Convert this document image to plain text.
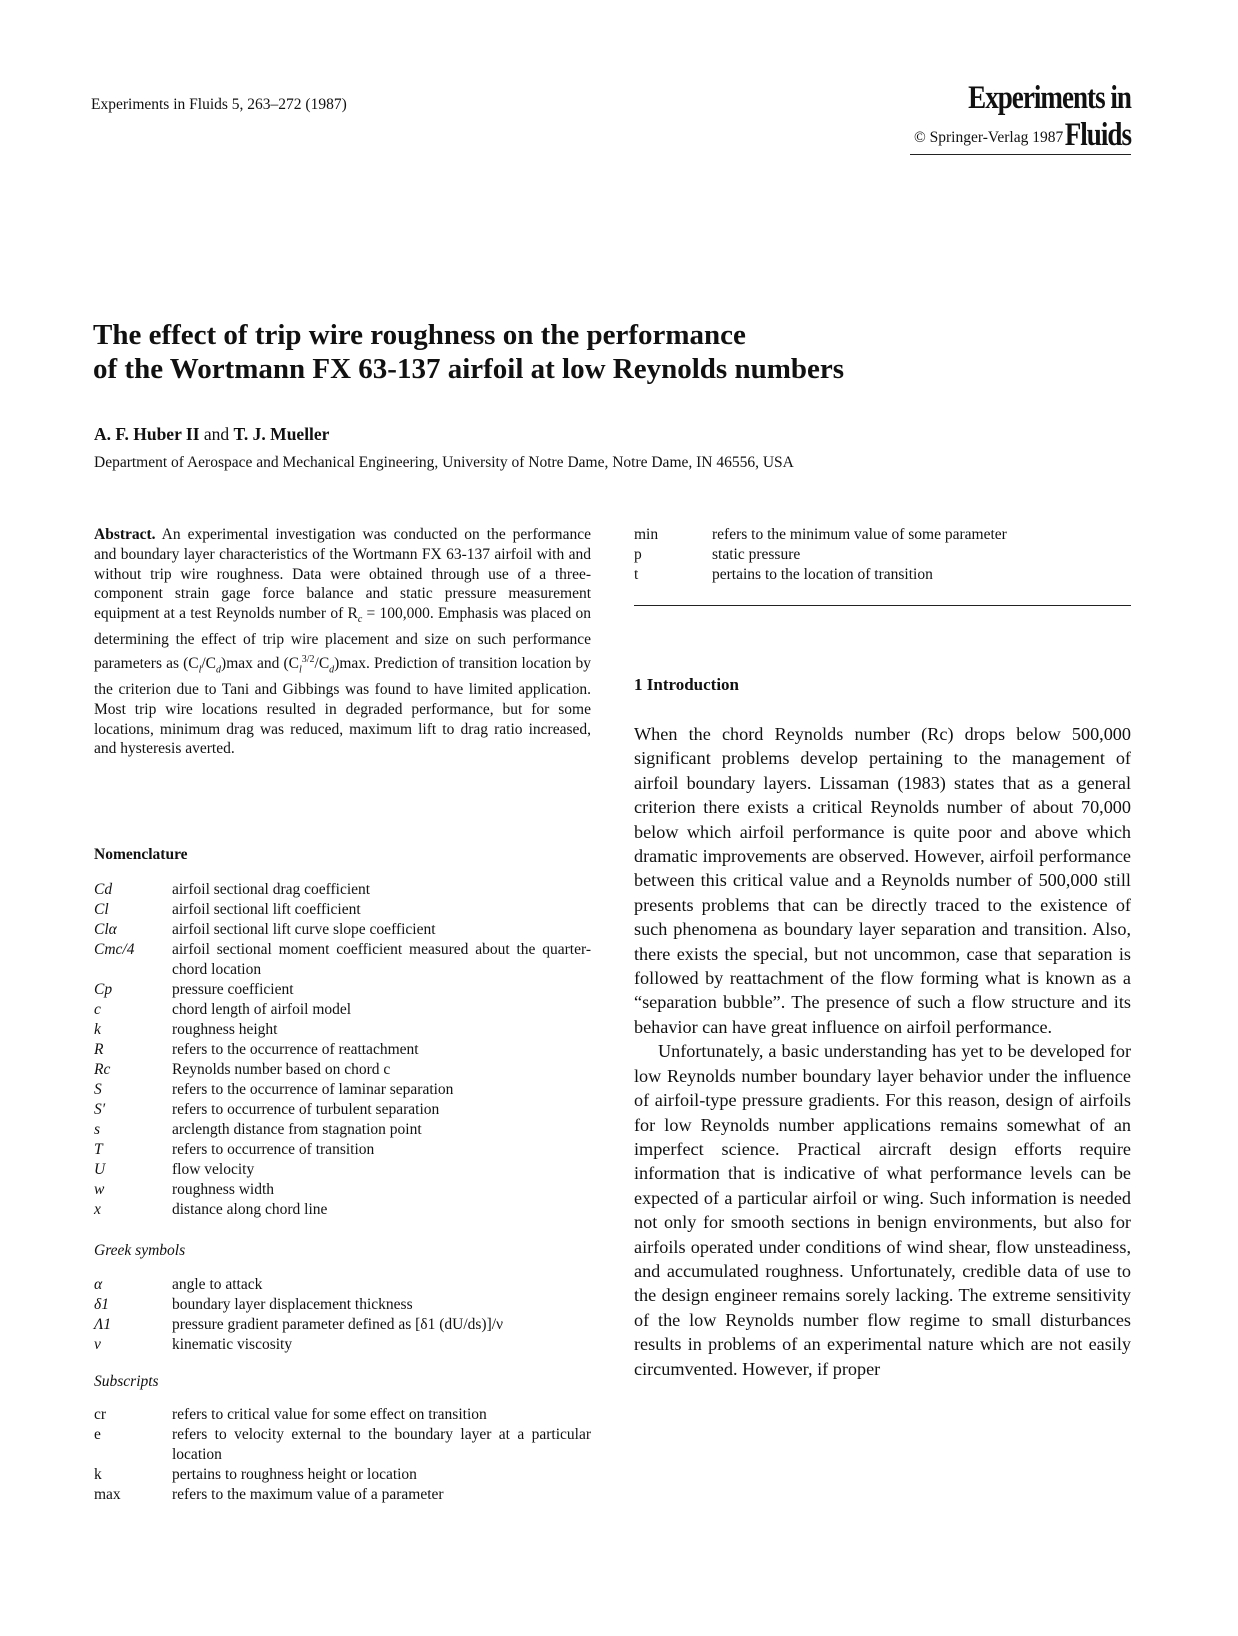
Experiments in Fluids 5, 263–272 (1987)	Experiments in Fluids
© Springer-Verlag 1987
The effect of trip wire roughness on the performance
of the Wortmann FX 63-137 airfoil at low Reynolds numbers
A. F. Huber II and T. J. Mueller
Department of Aerospace and Mechanical Engineering, University of Notre Dame, Notre Dame, IN 46556, USA
Abstract. An experimental investigation was conducted on the performance and boundary layer characteristics of the Wortmann FX 63-137 airfoil with and without trip wire roughness. Data were obtained through use of a three-component strain gage force balance and static pressure measurement equipment at a test Reynolds number of $R_c = 100,000$. Emphasis was placed on determining the effect of trip wire placement and size on such performance parameters as $(C_l/C_d)\max$ and $(C_l^{3/2}/C_d)\max$. Prediction of transition location by the criterion due to Tani and Gibbings was found to have limited application. Most trip wire locations resulted in degraded performance, but for some locations, minimum drag was reduced, maximum lift to drag ratio increased, and hysteresis averted.
Nomenclature
Cd	airfoil sectional drag coefficient
Cl	airfoil sectional lift coefficient
Clα	airfoil sectional lift curve slope coefficient
Cmc/4	airfoil sectional moment coefficient measured about the quarter-chord location
Cp	pressure coefficient
c	chord length of airfoil model
k	roughness height
R	refers to the occurrence of reattachment
Rc	Reynolds number based on chord c
S	refers to the occurrence of laminar separation
S′	refers to occurrence of turbulent separation
s	arclength distance from stagnation point
T	refers to occurrence of transition
U	flow velocity
w	roughness width
x	distance along chord line
Greek symbols
α	angle to attack
δ1	boundary layer displacement thickness
Λ1	pressure gradient parameter defined as [δ1 (dU/ds)]/ν
ν	kinematic viscosity
Subscripts
cr	refers to critical value for some effect on transition
e	refers to velocity external to the boundary layer at a particular location
k	pertains to roughness height or location
max	refers to the maximum value of a parameter
min	refers to the minimum value of some parameter
p	static pressure
t	pertains to the location of transition
1 Introduction

When the chord Reynolds number (Rc) drops below 500,000 significant problems develop pertaining to the management of airfoil boundary layers. Lissaman (1983) states that as a general criterion there exists a critical Reynolds number of about 70,000 below which airfoil performance is quite poor and above which dramatic improvements are observed. However, airfoil performance between this critical value and a Reynolds number of 500,000 still presents problems that can be directly traced to the existence of such phenomena as boundary layer separation and transition. Also, there exists the special, but not uncommon, case that separation is followed by reattachment of the flow forming what is known as a “separation bubble”. The presence of such a flow structure and its behavior can have great influence on airfoil performance.

Unfortunately, a basic understanding has yet to be developed for low Reynolds number boundary layer behavior under the influence of airfoil-type pressure gradients. For this reason, design of airfoils for low Reynolds number applications remains somewhat of an imperfect science. Practical aircraft design efforts require information that is indicative of what performance levels can be expected of a particular airfoil or wing. Such information is needed not only for smooth sections in benign environments, but also for airfoils operated under conditions of wind shear, flow unsteadiness, and accumulated roughness. Unfortunately, credible data of use to the design engineer remains sorely lacking. The extreme sensitivity of the low Reynolds number flow regime to small disturbances results in problems of an experimental nature which are not easily circumvented. However, if proper
